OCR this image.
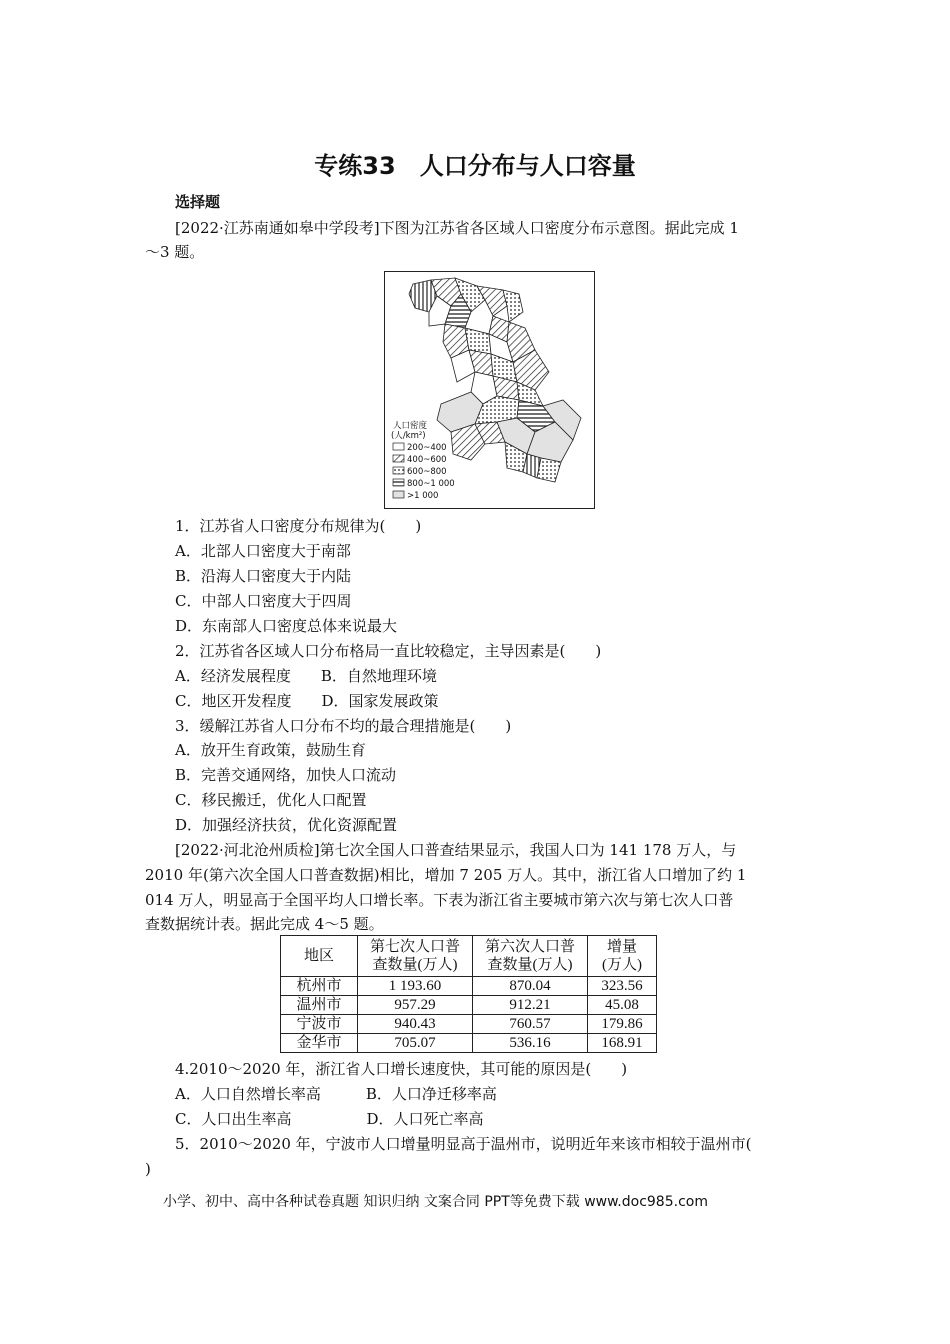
专练33　人口分布与人口容量
选择题
[2022·江苏南通如皋中学段考]下图为江苏省各区域人口密度分布示意图。据此完成 1
～3 题。
人口密度
(人/km²)
200~400
400~600
600~800
800~1 000
>1 000
1．江苏省人口密度分布规律为(　　)
A．北部人口密度大于南部
B．沿海人口密度大于内陆
C．中部人口密度大于四周
D．东南部人口密度总体来说最大
2．江苏省各区域人口分布格局一直比较稳定，主导因素是(　　)
A．经济发展程度　　B．自然地理环境
C．地区开发程度　　D．国家发展政策
3．缓解江苏省人口分布不均的最合理措施是(　　)
A．放开生育政策，鼓励生育
B．完善交通网络，加快人口流动
C．移民搬迁，优化人口配置
D．加强经济扶贫，优化资源配置
[2022·河北沧州质检]第七次全国人口普查结果显示，我国人口为 141 178 万人，与
2010 年(第六次全国人口普查数据)相比，增加 7 205 万人。其中，浙江省人口增加了约 1
014 万人，明显高于全国平均人口增长率。下表为浙江省主要城市第六次与第七次人口普
查数据统计表。据此完成 4～5 题。
地区	第七次人口普
查数量(万人)	第六次人口普
查数量(万人)	增量
(万人)
杭州市	1 193.60	870.04	323.56
温州市	957.29	912.21	45.08
宁波市	940.43	760.57	179.86
金华市	705.07	536.16	168.91
4.2010～2020 年，浙江省人口增长速度快，其可能的原因是(　　)
A．人口自然增长率高　　　B．人口净迁移率高
C．人口出生率高　　　　　D．人口死亡率高
5．2010～2020 年，宁波市人口增量明显高于温州市，说明近年来该市相较于温州市(
)
小学、初中、高中各种试卷真题 知识归纳 文案合同 PPT等免费下载 www.doc985.com
